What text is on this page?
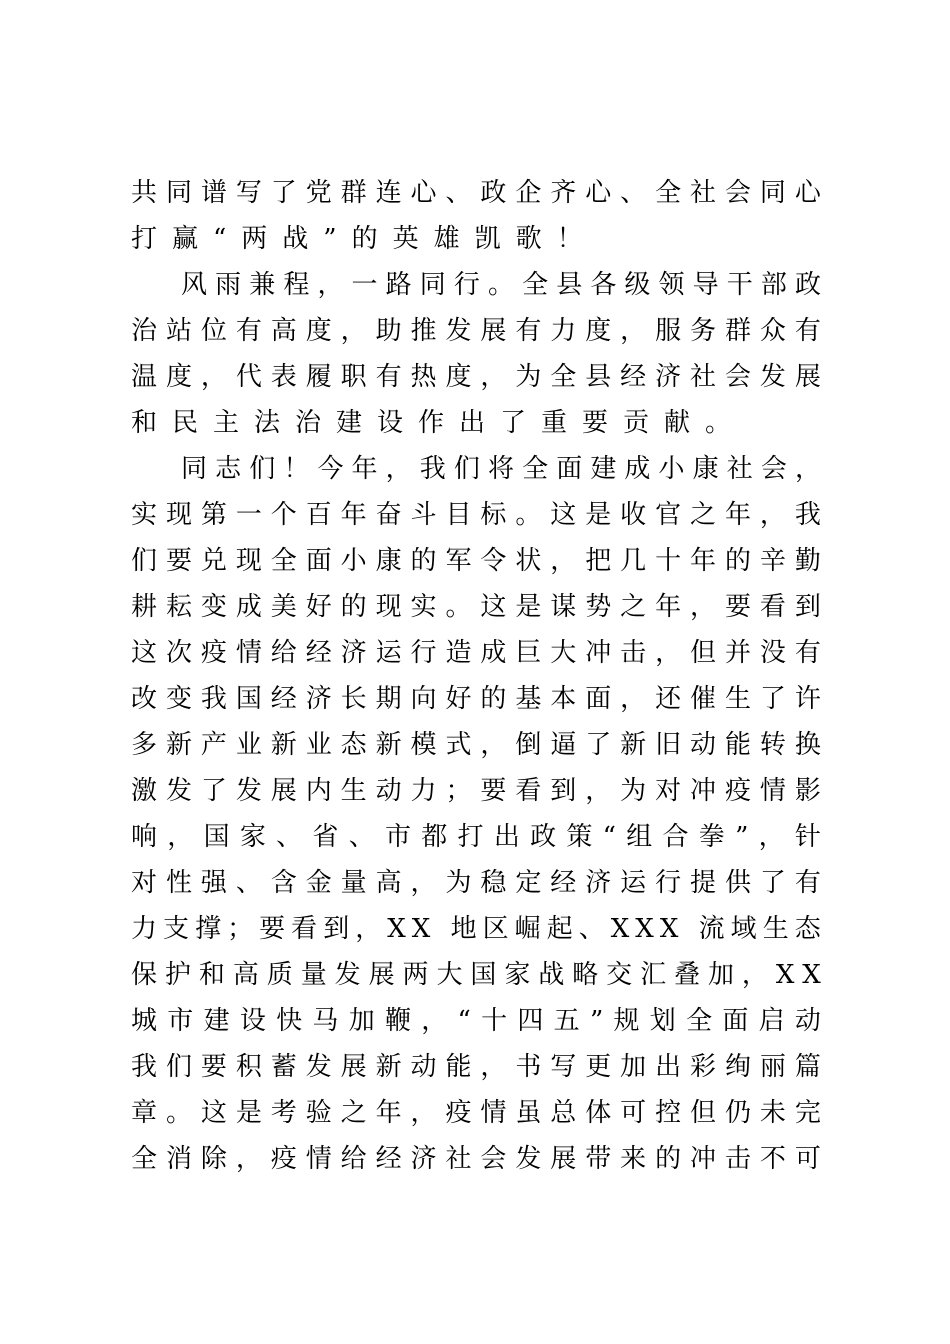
共 同 谱 写 了 党 群 连 心 、 政 企 齐 心 、 全 社 会 同 心
打赢“两战”的英雄凯歌！
风 雨 兼 程 ， 一 路 同 行 。 全 县 各 级 领 导 干 部 政
治 站 位 有 高 度 ， 助 推 发 展 有 力 度 ， 服 务 群 众 有
温 度 ， 代 表 履 职 有 热 度 ， 为 全 县 经 济 社 会 发 展
和民主法治建设作出了重要贡献。
同 志 们 ！ 今 年 ， 我 们 将 全 面 建 成 小 康 社 会 ，
实 现 第 一 个 百 年 奋 斗 目 标 。 这 是 收 官 之 年 ， 我
们 要 兑 现 全 面 小 康 的 军 令 状 ， 把 几 十 年 的 辛 勤
耕 耘 变 成 美 好 的 现 实 。 这 是 谋 势 之 年 ， 要 看 到
这 次 疫 情 给 经 济 运 行 造 成 巨 大 冲 击 ， 但 并 没 有
改 变 我 国 经 济 长 期 向 好 的 基 本 面 ， 还 催 生 了 许
多 新 产 业 新 业 态 新 模 式 ， 倒 逼 了 新 旧 动 能 转 换
激 发 了 发 展 内 生 动 力 ； 要 看 到 ， 为 对 冲 疫 情 影
响 ， 国 家 、 省 、 市 都 打 出 政 策 “ 组 合 拳 ” ， 针
对 性 强 、 含 金 量 高 ， 为 稳 定 经 济 运 行 提 供 了 有
力 支 撑 ； 要 看 到 ， X X
地 区 崛 起 、 X X X
流 域 生 态
保 护 和 高 质 量 发 展 两 大 国 家 战 略 交 汇 叠 加 ， X X
城 市 建 设 快 马 加 鞭 ， “ 十 四 五 ” 规 划 全 面 启 动
我 们 要 积 蓄 发 展 新 动 能 ， 书 写 更 加 出 彩 绚 丽 篇
章 。 这 是 考 验 之 年 ， 疫 情 虽 总 体 可 控 但 仍 未 完
全 消 除 ， 疫 情 给 经 济 社 会 发 展 带 来 的 冲 击 不 可
